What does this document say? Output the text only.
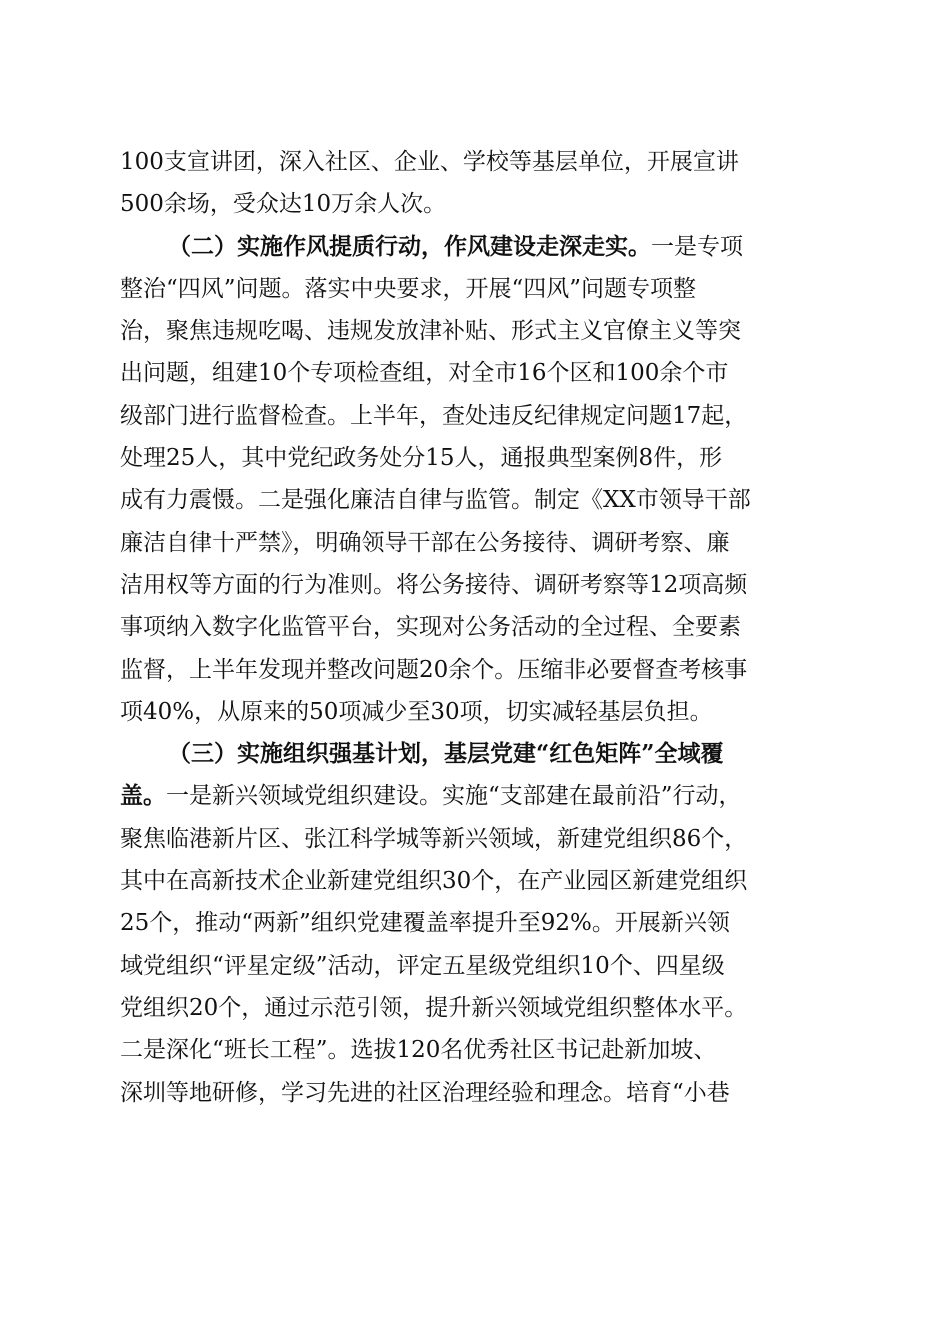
100支宣讲团，深入社区、企业、学校等基层单位，开展宣讲
500余场，受众达10万余人次。
（二）实施作风提质行动，作风建设走深走实。一是专项
整治“四风”问题。落实中央要求，开展“四风”问题专项整
治，聚焦违规吃喝、违规发放津补贴、形式主义官僚主义等突
出问题，组建10个专项检查组，对全市16个区和100余个市
级部门进行监督检查。上半年，查处违反纪律规定问题17起，
处理25人，其中党纪政务处分15人，通报典型案例8件，形
成有力震慑。二是强化廉洁自律与监管。制定《XX市领导干部
廉洁自律十严禁》，明确领导干部在公务接待、调研考察、廉
洁用权等方面的行为准则。将公务接待、调研考察等12项高频
事项纳入数字化监管平台，实现对公务活动的全过程、全要素
监督，上半年发现并整改问题20余个。压缩非必要督查考核事
项40%，从原来的50项减少至30项，切实减轻基层负担。
（三）实施组织强基计划，基层党建“红色矩阵”全域覆
盖。一是新兴领域党组织建设。实施“支部建在最前沿”行动，
聚焦临港新片区、张江科学城等新兴领域，新建党组织86个，
其中在高新技术企业新建党组织30个，在产业园区新建党组织
25个，推动“两新”组织党建覆盖率提升至92%。开展新兴领
域党组织“评星定级”活动，评定五星级党组织10个、四星级
党组织20个，通过示范引领，提升新兴领域党组织整体水平。
二是深化“班长工程”。选拔120名优秀社区书记赴新加坡、
深圳等地研修，学习先进的社区治理经验和理念。培育“小巷
